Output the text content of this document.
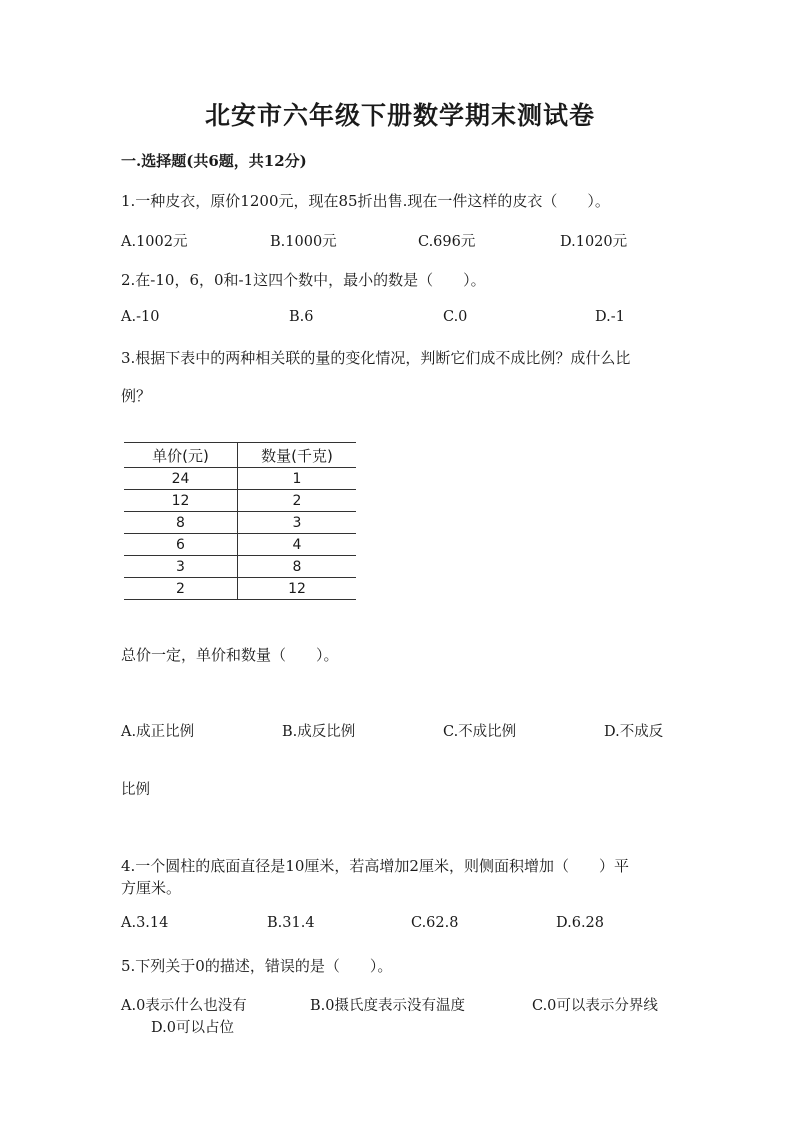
北安市六年级下册数学期末测试卷
一.选择题(共6题，共12分)
1.一种皮衣，原价1200元，现在85折出售.现在一件这样的皮衣（　　）。
A.1002元	B.1000元	C.696元	D.1020元
2.在-10，6，0和-1这四个数中，最小的数是（　　）。
A.-10	B.6	C.0	D.-1
3.根据下表中的两种相关联的量的变化情况，判断它们成不成比例？成什么比
例？
单价(元)	数量(千克)
24	1
12	2
8	3
6	4
3	8
2	12
总价一定，单价和数量（　　）。
A.成正比例	B.成反比例	C.不成比例	D.不成反
比例
4.一个圆柱的底面直径是10厘米，若高增加2厘米，则侧面积增加（　　）平
方厘米。
A.3.14	B.31.4	C.62.8	D.6.28
5.下列关于0的描述，错误的是（　　）。
A.0表示什么也没有	B.0摄氏度表示没有温度	C.0可以表示分界线
D.0可以占位
